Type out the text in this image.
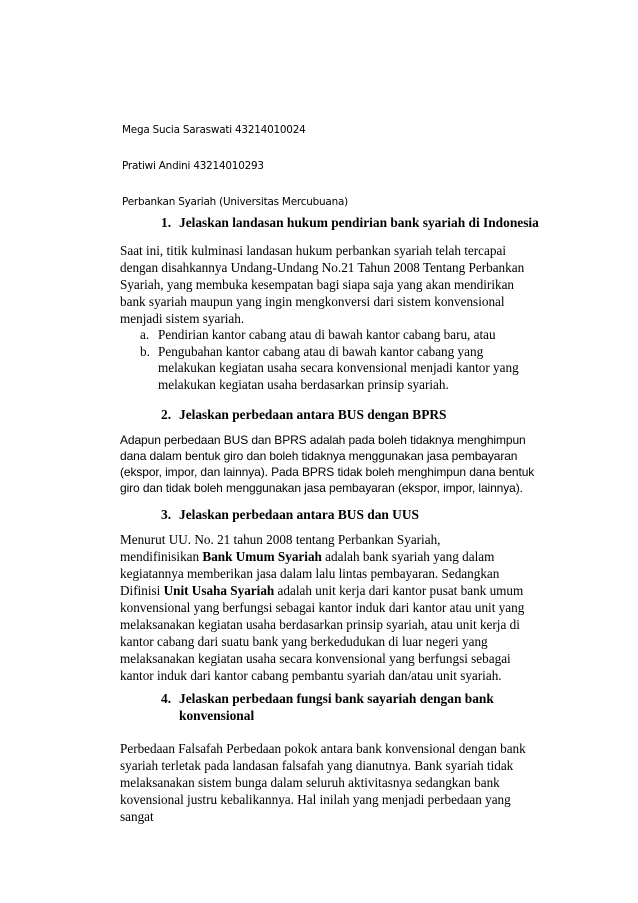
Mega Sucia Saraswati 43214010024
Pratiwi Andini 43214010293
Perbankan Syariah (Universitas Mercubuana)
1. Jelaskan landasan hukum pendirian bank syariah di Indonesia
Saat ini, titik kulminasi landasan hukum perbankan syariah telah tercapai dengan disahkannya Undang-Undang No.21 Tahun 2008 Tentang Perbankan Syariah, yang membuka kesempatan bagi siapa saja yang akan mendirikan bank syariah maupun yang ingin mengkonversi dari sistem konvensional menjadi sistem syariah.
a. Pendirian kantor cabang atau di bawah kantor cabang baru, atau
b. Pengubahan kantor cabang atau di bawah kantor cabang yang melakukan kegiatan usaha secara konvensional menjadi kantor yang melakukan kegiatan usaha berdasarkan prinsip syariah.
2. Jelaskan perbedaan antara BUS dengan BPRS
Adapun perbedaan BUS dan BPRS adalah pada boleh tidaknya menghimpun dana dalam bentuk giro dan boleh tidaknya menggunakan jasa pembayaran (ekspor, impor, dan lainnya). Pada BPRS tidak boleh menghimpun dana bentuk giro dan tidak boleh menggunakan jasa pembayaran (ekspor, impor, lainnya).
3. Jelaskan perbedaan antara BUS dan UUS
Menurut UU. No. 21 tahun 2008 tentang Perbankan Syariah,
mendifinisikan Bank Umum Syariah adalah bank syariah yang dalam kegiatannya memberikan jasa dalam lalu lintas pembayaran. Sedangkan Difinisi Unit Usaha Syariah adalah unit kerja dari kantor pusat bank umum konvensional yang berfungsi sebagai kantor induk dari kantor atau unit yang melaksanakan kegiatan usaha berdasarkan prinsip syariah, atau unit kerja di kantor cabang dari suatu bank yang berkedudukan di luar negeri yang melaksanakan kegiatan usaha secara konvensional yang berfungsi sebagai kantor induk dari kantor cabang pembantu syariah dan/atau unit syariah.
4. Jelaskan perbedaan fungsi bank sayariah dengan bank konvensional
Perbedaan Falsafah Perbedaan pokok antara bank konvensional dengan bank syariah terletak pada landasan falsafah yang dianutnya. Bank syariah tidak melaksanakan sistem bunga dalam seluruh aktivitasnya sedangkan bank kovensional justru kebalikannya. Hal inilah yang menjadi perbedaan yang sangat
